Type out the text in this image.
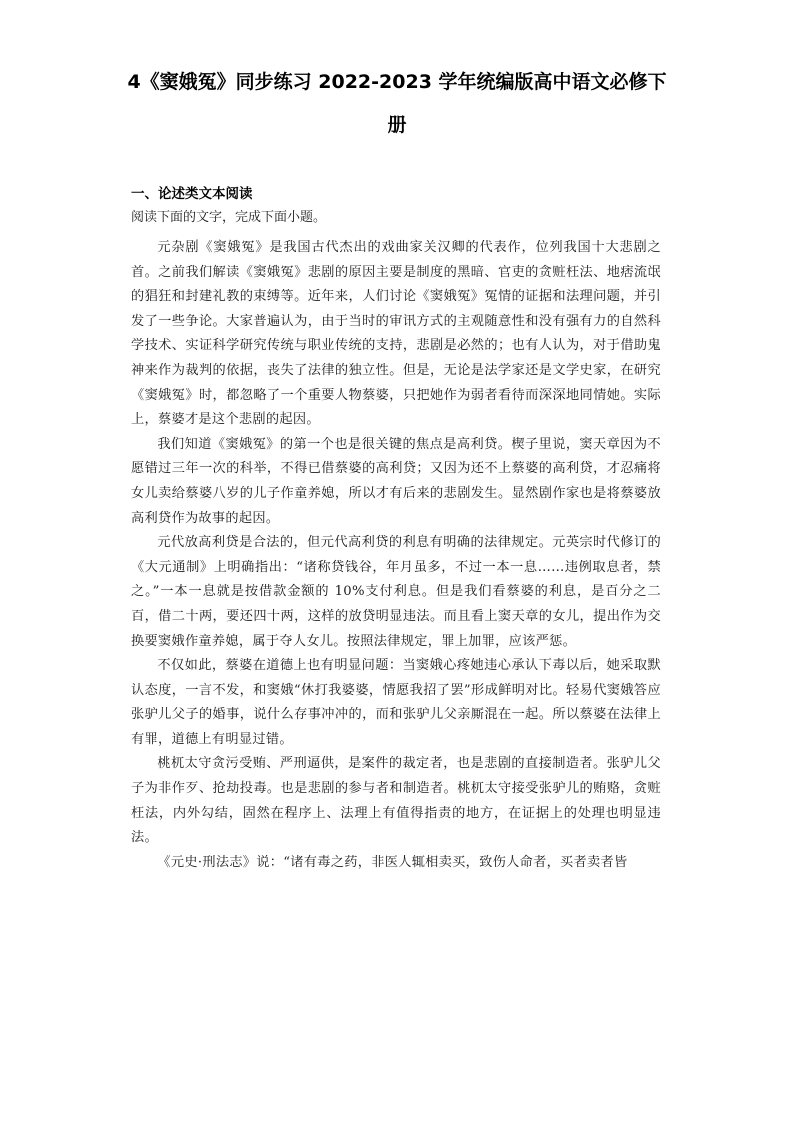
4《窦娥冤》同步练习 2022-2023 学年统编版高中语文必修下
册
一、论述类文本阅读
阅读下面的文字，完成下面小题。

元杂剧《窦娥冤》是我国古代杰出的戏曲家关汉卿的代表作，位列我国十大悲剧之首。之前我们解读《窦娥冤》悲剧的原因主要是制度的黑暗、官吏的贪赃枉法、地痞流氓的猖狂和封建礼教的束缚等。近年来，人们讨论《窦娥冤》冤情的证据和法理问题，并引发了一些争论。大家普遍认为，由于当时的审讯方式的主观随意性和没有强有力的自然科学技术、实证科学研究传统与职业传统的支持，悲剧是必然的；也有人认为，对于借助鬼神来作为裁判的依据，丧失了法律的独立性。但是，无论是法学家还是文学史家，在研究《窦娥冤》时，都忽略了一个重要人物蔡婆，只把她作为弱者看待而深深地同情她。实际上，蔡婆才是这个悲剧的起因。

我们知道《窦娥冤》的第一个也是很关键的焦点是高利贷。楔子里说，窦天章因为不愿错过三年一次的科举，不得已借蔡婆的高利贷；又因为还不上蔡婆的高利贷，才忍痛将女儿卖给蔡婆八岁的儿子作童养媳，所以才有后来的悲剧发生。显然剧作家也是将蔡婆放高利贷作为故事的起因。

元代放高利贷是合法的，但元代高利贷的利息有明确的法律规定。元英宗时代修订的《大元通制》上明确指出：“诸称贷钱谷，年月虽多，不过一本一息……违例取息者，禁之。”一本一息就是按借款金额的 10%支付利息。但是我们看蔡婆的利息，是百分之二百，借二十两，要还四十两，这样的放贷明显违法。而且看上窦天章的女儿，提出作为交换要窦娥作童养媳，属于夺人女儿。按照法律规定，罪上加罪，应该严惩。

不仅如此，蔡婆在道德上也有明显问题：当窦娥心疼她违心承认下毒以后，她采取默认态度，一言不发，和窦娥“休打我婆婆，情愿我招了罢”形成鲜明对比。轻易代窦娥答应张驴儿父子的婚事，说什么存事冲冲的，而和张驴儿父亲厮混在一起。所以蔡婆在法律上有罪，道德上有明显过错。

桃杌太守贪污受贿、严刑逼供，是案件的裁定者，也是悲剧的直接制造者。张驴儿父子为非作歹、抢劫投毒。也是悲剧的参与者和制造者。桃杌太守接受张驴儿的贿赂，贪赃枉法，内外勾结，固然在程序上、法理上有值得指责的地方，在证据上的处理也明显违法。

《元史·刑法志》说：“诸有毒之药，非医人辄相卖买，致伤人命者，买者卖者皆
